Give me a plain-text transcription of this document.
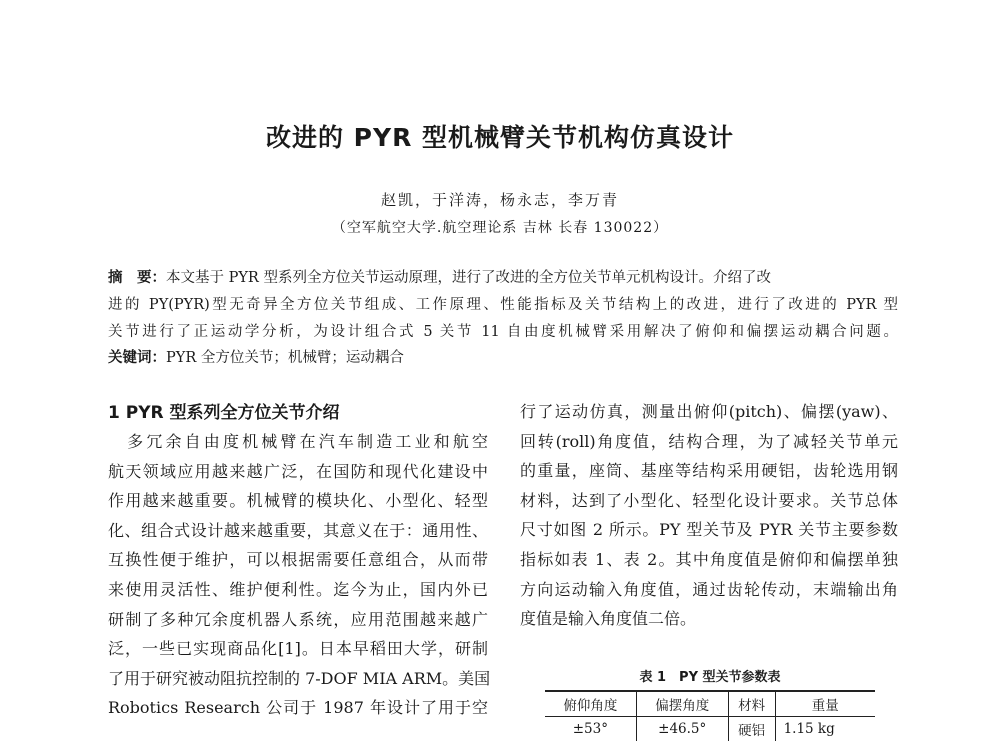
改进的 PYR 型机械臂关节机构仿真设计
赵凯，于洋涛，杨永志，李万青
（空军航空大学.航空理论系 吉林 长春 130022）
摘　要：本文基于 PYR 型系列全方位关节运动原理，进行了改进的全方位关节单元机构设计。介绍了改
进的 PY(PYR)型无奇异全方位关节组成、工作原理、性能指标及关节结构上的改进，进行了改进的 PYR 型
关节进行了正运动学分析，为设计组合式 5 关节 11 自由度机械臂采用解决了俯仰和偏摆运动耦合问题。
关键词：PYR 全方位关节；机械臂；运动耦合
1 PYR 型系列全方位关节介绍
　多冗余自由度机械臂在汽车制造工业和航空
航天领域应用越来越广泛，在国防和现代化建设中
作用越来越重要。机械臂的模块化、小型化、轻型
化、组合式设计越来越重要，其意义在于：通用性、
互换性便于维护，可以根据需要任意组合，从而带
来使用灵活性、维护便利性。迄今为止，国内外已
研制了多种冗余度机器人系统，应用范围越来越广
泛，一些已实现商品化[1]。日本早稻田大学，研制
了用于研究被动阻抗控制的 7-DOF MIA ARM。美国
Robotics Research 公司于 1987 年设计了用于空
行了运动仿真，测量出俯仰(pitch)、偏摆(yaw)、
回转(roll)角度值，结构合理，为了减轻关节单元
的重量，座筒、基座等结构采用硬铝，齿轮选用钢
材料，达到了小型化、轻型化设计要求。关节总体
尺寸如图 2 所示。PY 型关节及 PYR 关节主要参数
指标如表 1、表 2。其中角度值是俯仰和偏摆单独
方向运动输入角度值，通过齿轮传动，末端输出角
度值是输入角度值二倍。
表 1　PY 型关节参数表
俯仰角度	偏摆角度	材料	重量
±53°	±46.5°	硬铝	1.15 kg
